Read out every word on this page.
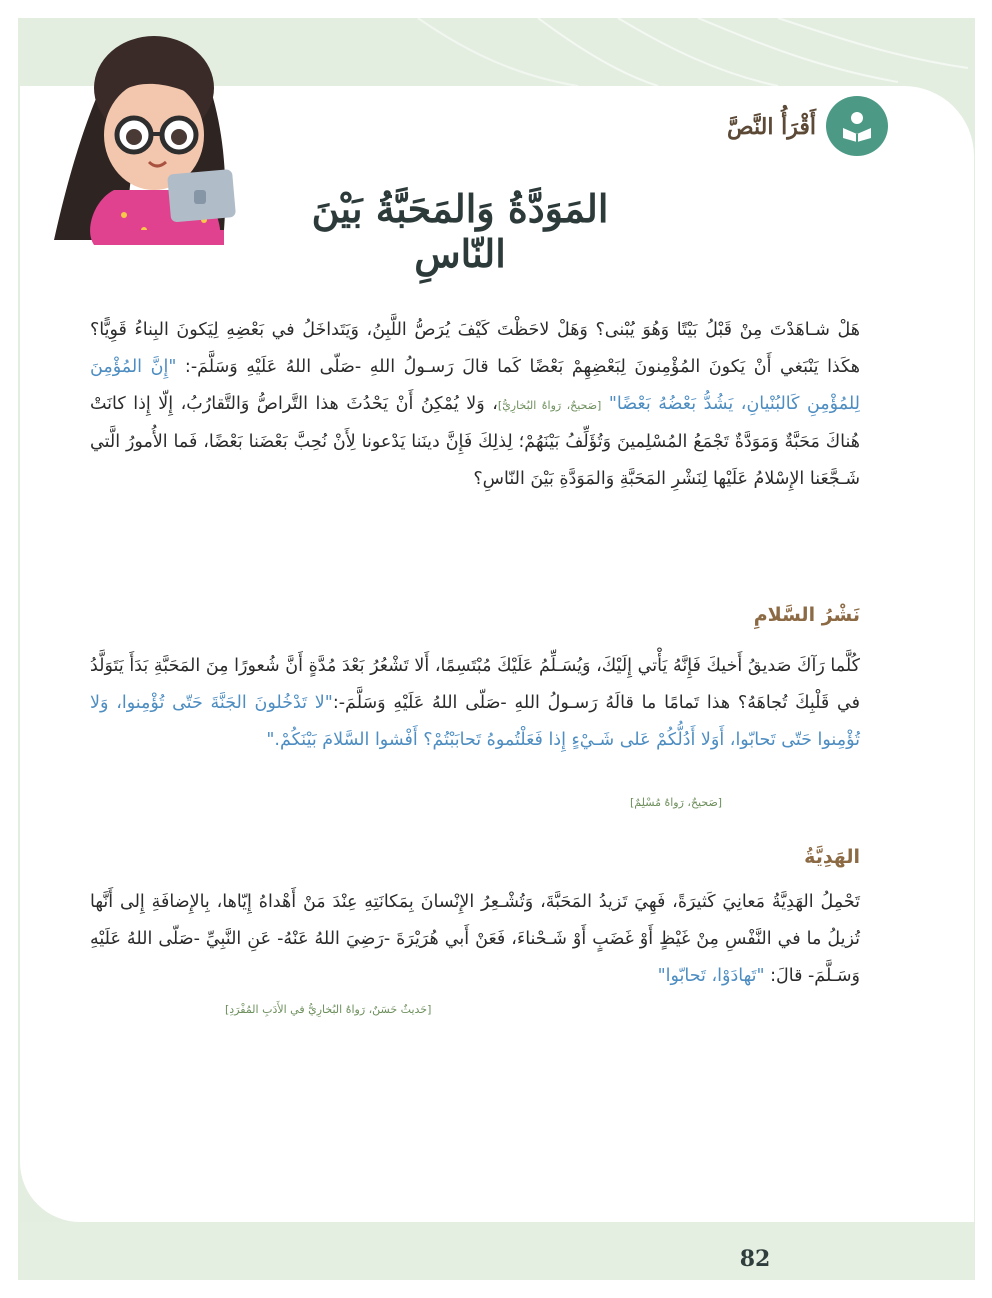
أَقْرَأُ النَّصَّ
المَوَدَّةُ وَالمَحَبَّةُ بَيْنَ النّاسِ

هَلْ شـاهَدْتَ مِنْ قَبْلُ بَيْتًا وَهُوَ يُبْنى؟ وَهَلْ لاحَظْتَ كَيْفَ يُرَصُّ اللَّبِنُ، وَيَتَداخَلُ في بَعْضِهِ لِيَكونَ البِناءُ قَوِيًّا؟ هكَذا يَنْبَغي أَنْ يَكونَ المُؤْمِنونَ لِبَعْضِهِمْ بَعْضًا كَما قالَ رَسـولُ اللهِ -صَلّى اللهُ عَلَيْهِ وَسَلَّمَ-: "إِنَّ المُؤْمِنَ لِلمُؤْمِنِ كَالبُنْيانِ، يَشُدُّ بَعْضُهُ بَعْضًا" [صَحيحٌ، رَواهُ البُخارِيُّ]، وَلا يُمْكِنُ أَنْ يَحْدُثَ هذا التَّراصُّ وَالتَّقارُبُ، إِلّا إِذا كانَتْ هُناكَ مَحَبَّةٌ وَمَوَدَّةٌ تَجْمَعُ المُسْلِمينَ وَتُؤَلِّفُ بَيْنَهُمْ؛ لِذلِكَ فَإِنَّ دينَنا يَدْعونا لِأَنْ نُحِبَّ بَعْضَنا بَعْضًا، فَما الأُمورُ الَّتي شَـجَّعَنا الإِسْلامُ عَلَيْها لِنَشْرِ المَحَبَّةِ وَالمَوَدَّةِ بَيْنَ النّاسِ؟

نَشْرُ السَّلامِ

كُلَّما رَآكَ صَديقُ أَخيكَ فَإِنَّهُ يَأْتي إِلَيْكَ، وَيُسَـلِّمُ عَلَيْكَ مُبْتَسِمًا، أَلا تَشْعُرُ بَعْدَ مُدَّةٍ أَنَّ شُعورًا مِنَ المَحَبَّةِ بَدَأَ يَتَوَلَّدُ في قَلْبِكَ تُجاهَهُ؟ هذا تَمامًا ما قالَهُ رَسـولُ اللهِ -صَلّى اللهُ عَلَيْهِ وَسَلَّمَ-:"لا تَدْخُلونَ الجَنَّةَ حَتّى تُؤْمِنوا، وَلا تُؤْمِنوا حَتّى تَحابّوا، أَوَلا أَدُلُّكُمْ عَلى شَـيْءٍ إِذا فَعَلْتُموهُ تَحابَبْتُمْ؟ أَفْشوا السَّلامَ بَيْنَكُمْ."

[صَحيحٌ، رَواهُ مُسْلِمٌ]
الهَدِيَّةُ

تَحْمِلُ الهَدِيَّةُ مَعانِيَ كَثيرَةً، فَهِيَ تَزيدُ المَحَبَّةَ، وَتُشْـعِرُ الإِنْسانَ بِمَكانَتِهِ عِنْدَ مَنْ أَهْداهُ إِيّاها، بِالإِضافَةِ إِلى أَنَّها تُزيلُ ما في النَّفْسِ مِنْ غَيْظٍ أَوْ غَضَبٍ أَوْ شَـحْناءَ، فَعَنْ أَبي هُرَيْرَةَ -رَضِيَ اللهُ عَنْهُ- عَنِ النَّبِيِّ -صَلّى اللهُ عَلَيْهِ وَسَـلَّمَ- قالَ: "تَهادَوْا، تَحابّوا"

[حَديثٌ حَسَنٌ، رَواهُ البُخارِيُّ في الأَدَبِ المُفْرَدِ]
82
